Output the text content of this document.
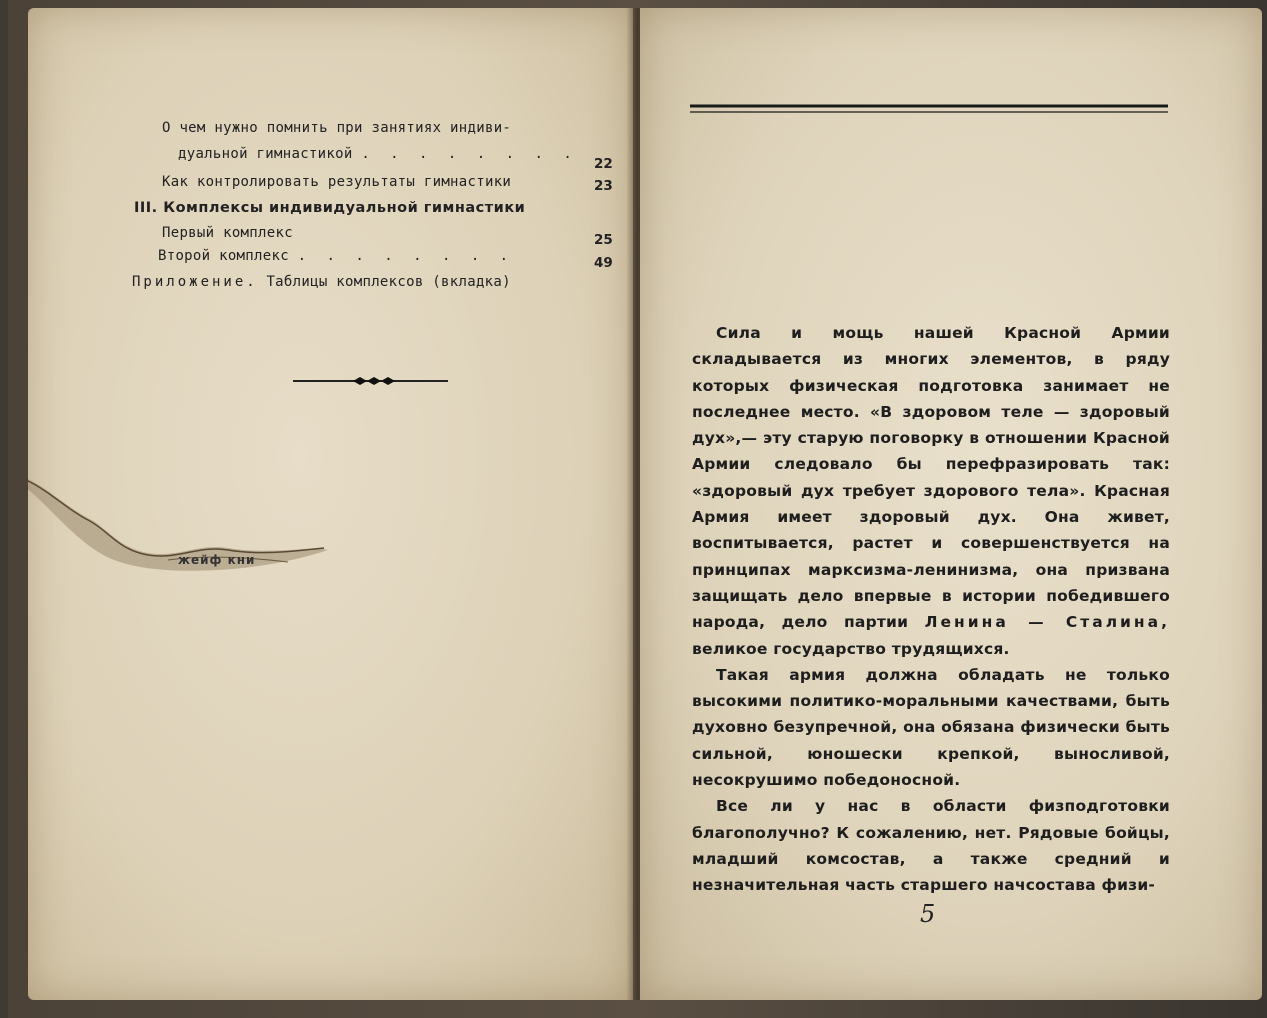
О чем нужно помнить при занятиях индиви-
дуальной гимнастикой . . . . . . . .
22
Как контролировать результаты гимнастики	23
III. Комплексы индивидуальной гимнастики
Первый комплекс	25
Второй комплекс . . . . . . . .	49
Приложение. Таблицы комплексов (вкладка)
жейф кни

Сила и мощь нашей Красной Армии складывается из многих элементов, в ряду которых физическая подготовка занимает не последнее место. «В здоровом теле — здоровый дух»,— эту старую поговорку в отношении Красной Армии следовало бы перефразировать так: «здоровый дух требует здорового тела». Красная Армия имеет здоровый дух. Она живет, воспитывается, растет и совершенствуется на принципах марксизма-ленинизма, она призвана защищать дело впервые в истории победившего народа, дело партии Ленина — Сталина, великое государство трудящихся.

Такая армия должна обладать не только высокими политико-моральными качествами, быть духовно безупречной, она обязана физически быть сильной, юношески крепкой, выносливой, несокрушимо победоносной.

Все ли у нас в области физподготовки благополучно? К сожалению, нет. Рядовые бойцы, младший комсостав, а также средний и незначительная часть старшего начсостава физи-

5
